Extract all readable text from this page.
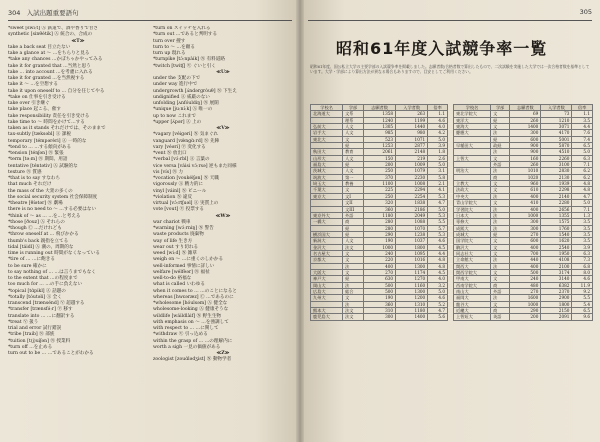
304 入試出題重要語句
*sweet [swiːt] Ⓐ 鉄道で、酒や香りで甘さ
synthetic [sinθétik] Ⓐ 統合の、合成の
≪T≫
take a back seat 目立たない
take a glance at ～ …をちらりと見る
*take any chances …かぼちゃかやってみる
take it for granted that …当然と思う
take … into account …を考慮に入れる
take it for granted …を当然視する
take it ～ …を空想する
take it upon oneself to … 自分を任じてやる
*take on 仕事を引き受ける
take over 引き継ぐ
take place 起こる、催す
take responsibility 責任を引き受ける
take time to ～ 時間をかけて…する
taken as it stands それだけでは、そのままで
tax-subtly [tæksəbl] Ⓐ 課税
temporary [témpərèri] Ⓐ 一時的な
*tend to … …する傾向がある
*tension [ténʃən] Ⓝ 緊張
*term [təːm] Ⓝ 期間、用語
tentative [téntətiv] Ⓐ 試験的な
texture Ⓝ 質感
*that is to say すなわち
that much それだけ
the mass of the 大衆の多くの
the social security system 社会保障制度
*theatre [θíətər] Ⓝ 劇場
there is no need to ～ …する必要はない
*think of ～ as … …を…と考える
*those [ðouz] Ⓐ それらの
*though Ⓒ …だけれども
*throw oneself at … 飛びかかる
thumb's back 親指を立てる
tidal [táidl] Ⓐ 潮の、周期的な
time is running out 時間がなくなっている
*tire of … …に飽きる
to be sure 確かに
to say nothing of … …は言うまでもなく
to the extent that …の程度まで
too much for … …の手に負えない
*topical [tɑ́pikl] Ⓐ 話題の
*totally [tóutəli] Ⓐ 全く
transcend [trænsénd] Ⓥ 超越する
*transfer [trænsfə́ːr] Ⓥ 移す
translate into … …に翻訳する
*treat Ⓥ 扱う
trial and error 試行錯誤
*tribe [traib] Ⓝ 部族
*tuition [t(j)uíʃən] Ⓝ 授業料
*turn off …を止める
turn out to be … …であることがわかる
*turn on スイッチを入れる
*turn out …であると判明する
turn over 捜す
turn to ～ …を頼る
turn up 現れる
*turnpike [tɔ́ːnpàik] Ⓝ 有料道路
*twitch [twitʃ] Ⓥ ぐいと引く
≪U≫
under the 支配の下で
under way 進行中で
undergrowth [ʌ́ndərgròuθ] Ⓝ 下生え
undignified Ⓐ 威厳のない
unfolding [ʌnfóuldiŋ] Ⓝ 展開
*unique [juːníːk] Ⓐ 唯一の
up to now これまで
*upper [ʌ́pər] Ⓐ 上の
≪V≫
*vagary [véigəri] Ⓝ 気まぐれ
vanguard [vǽngɑ̀ːrd] Ⓝ 先陣
vary [véəri] Ⓥ 変化する
*vent Ⓝ 放出口
*verbal [vɔ́ːrbl] Ⓐ 言葉の
vice versa [váisi vɔ́ːrsə] 逆もまた同様
vis [vís] Ⓝ 力
*vocation [voukéiʃən] Ⓝ 天職
vigorously Ⓐ 精力的に
vinyl [váinl] Ⓝ ビニール
*violation Ⓝ 違反
virtual [vɔ́ːrtʃuəl] Ⓐ 実質上の
vote [vout] Ⓥ 投票する
≪W≫
war chariot 戦車
*warning [wɔ́ːrniŋ] Ⓝ 警告
waste products 廃棄物
way of life 生き方
wear out すり切れる
weed [wiːd] Ⓝ 雑草
weigh on ～ …に重くのしかかる
well-informed 事情に詳しい
welfare [wélfèər] Ⓝ 福祉
well-to-do 裕福な
what is called いわゆる
when it comes to … …のことになると
whereas [hwɛəræz] Ⓒ …であるのに
*wholesome [hóulsəm] Ⓐ 健全な
wholesome-looking Ⓐ 健康そうな
wildlife [wáildlàif] Ⓝ 野生生物
with emphasis on ～ …を強調して
with respect to … …に関して
*withdraw Ⓥ 引っ込める
within the grasp of … …の理解内に
worth a sigh 一見の価値がある
≪Z≫
zoologist [zouɑ́lədʒist] Ⓝ 動物学者
305
昭和61年度入試競争率一覧
昭和61年度、国公私立大学の主要学部の入試競争率を掲載しました。志願者数/合格者数で算出したもので、二次試験を実施した大学では一次合格者数を基準としています。大学・学部により算出方法が異なる場合もありますので、目安としてご利用ください。
学校名	学部	志願者数	入学者数	倍率
北海道大	文系	1358	263	1.1
	理系	1240	1199	4.6
弘前大	人文	1305	1440	4.0
岩手大	人文	985	980	4.2
東北大	文	523	1071	5.0
	経	1253	2877	3.9
秋田大	教育	2061	2148	1.8
山形大	人文	150	219	2.6
福島大	経	200	1009	5.0
茨城大	人文	250	1079	3.1
筑波大	第一	370	2230	5.8
埼玉大	教養	1100	1008	2.1
千葉大	文	225	2294	4.1
東京大	文I	250	2254	5.3
	文II	320	1838	4.7
	文III	360	2186	5.0
東京外大	外語	1180	2049	5.3
一橋大	商	280	1088	5.5
	経	280	1070	5.7
横浜国大	経	290	1238	5.3
新潟大	人文	190	1037	4.6
金沢大	法文	1000	1800	4.5
名古屋大	文	240	1095	4.4
京都大	文	220	1016	4.8
	法	400	1300	4.8
大阪大	文	270	1174	4.5
神戸大	経	630	1270	4.0
岡山大	法	500	1160	3.2
広島大	総合	500	1300	5.0
九州大	文	190	1200	4.6
	法	360	1310	5.2
熊本大	法文	310	1180	4.7
鹿児島大	法文	300	1400	5.6
学校名	学部	志願者数	入学者数	倍率
東北学院大	文	69	73	1.1
東洋大	経	260	1210	3.5
東海大	文	1400	3071	4.4
慶應大	法	300	4170	7.6
	経	600	5001	7.4
早稲田大	政経	900	5870	6.5
	法	900	4510	5.0
上智大	文	160	2260	6.3
	外語	260	3100	7.1
明治大	法	1010	2830	6.2
	商	1020	2130	6.2
立教大	文	960	1939	4.8
法政大	文	610	2298	4.8
中央大	法	400	2140	4.7
青山学院大	文	410	2280	5.0
学習院大	法	400	2656	7.1
日本大	法	1000	1355	1.3
専修大	法	300	1575	3.5
成蹊大	法	300	1760	3.5
成城大	経	270	1540	3.5
国学院大	文	600	1620	3.5
駒沢大	文	400	2540	3.9
同志社大	文	700	1950	6.3
立命館大	法	440	4108	7.3
関西大	法	400	2100	6.8
関西学院大	文	500	3174	8.0
甲南大	文	240	3140	4.6
西南学院大	商	480	6382	11.9
南山大	外語	270	2370	9.2
福岡大	法	1600	2900	5.5
龍谷大	文	1000	1800	5.4
近畿大	商	290	2150	6.5
上智短大	英語	200	2091	9.6
